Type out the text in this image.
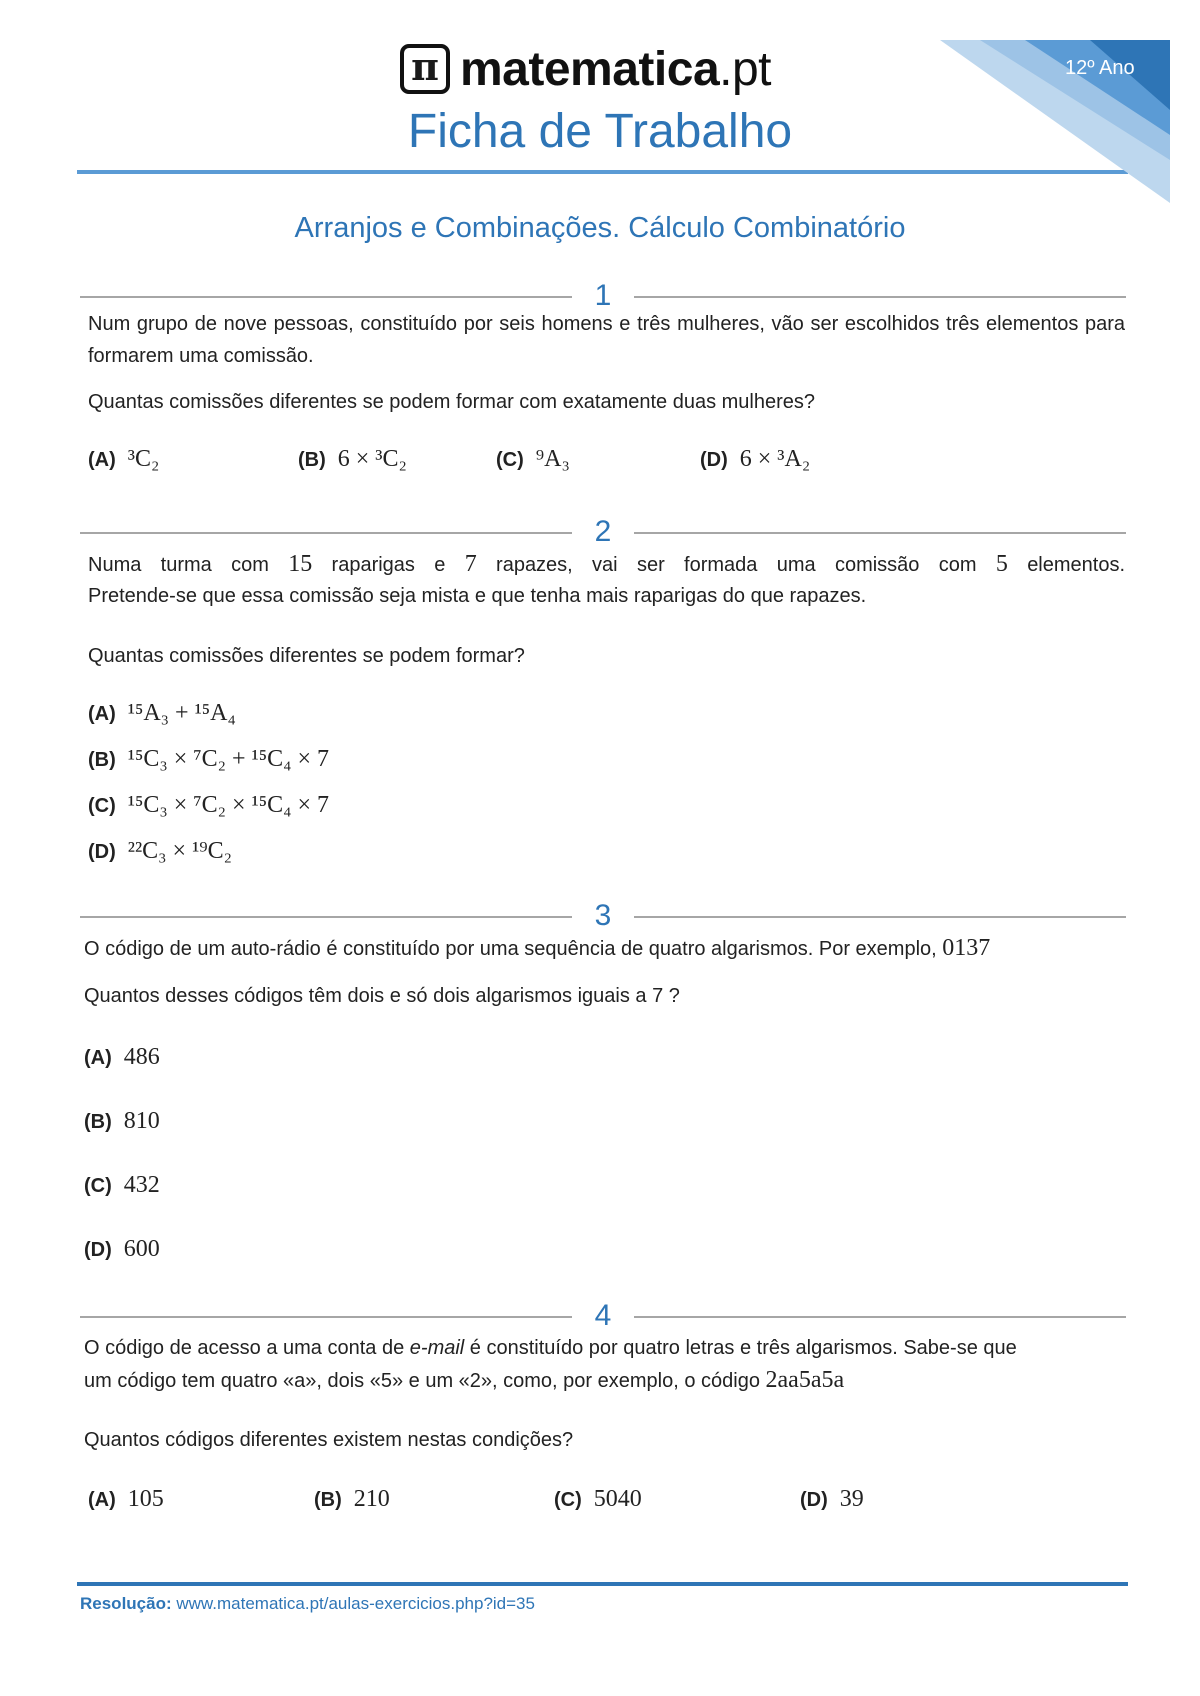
π matematica.pt
Ficha de Trabalho
12º Ano
Arranjos e Combinações. Cálculo Combinatório
1
Num grupo de nove pessoas, constituído por seis homens e três mulheres, vão ser escolhidos três elementos para formarem uma comissão.
Quantas comissões diferentes se podem formar com exatamente duas mulheres?
(A) ³C₂	(B) 6 × ³C₂	(C) ⁹A₃	(D) 6 × ³A₂
2
Numa turma com 15 raparigas e 7 rapazes, vai ser formada uma comissão com 5 elementos.
Pretende-se que essa comissão seja mista e que tenha mais raparigas do que rapazes.
Quantas comissões diferentes se podem formar?
(A) ¹⁵A₃ + ¹⁵A₄
(B) ¹⁵C₃ × ⁷C₂ + ¹⁵C₄ × 7
(C) ¹⁵C₃ × ⁷C₂ × ¹⁵C₄ × 7
(D) ²²C₃ × ¹⁹C₂
3
O código de um auto-rádio é constituído por uma sequência de quatro algarismos. Por exemplo, 0137
Quantos desses códigos têm dois e só dois algarismos iguais a 7 ?
(A) 486
(B) 810
(C) 432
(D) 600
4
O código de acesso a uma conta de e-mail é constituído por quatro letras e três algarismos. Sabe-se que
um código tem quatro «a», dois «5» e um «2», como, por exemplo, o código 2aa5a5a
Quantos códigos diferentes existem nestas condições?
(A) 105	(B) 210	(C) 5040	(D) 39
Resolução: www.matematica.pt/aulas-exercicios.php?id=35
